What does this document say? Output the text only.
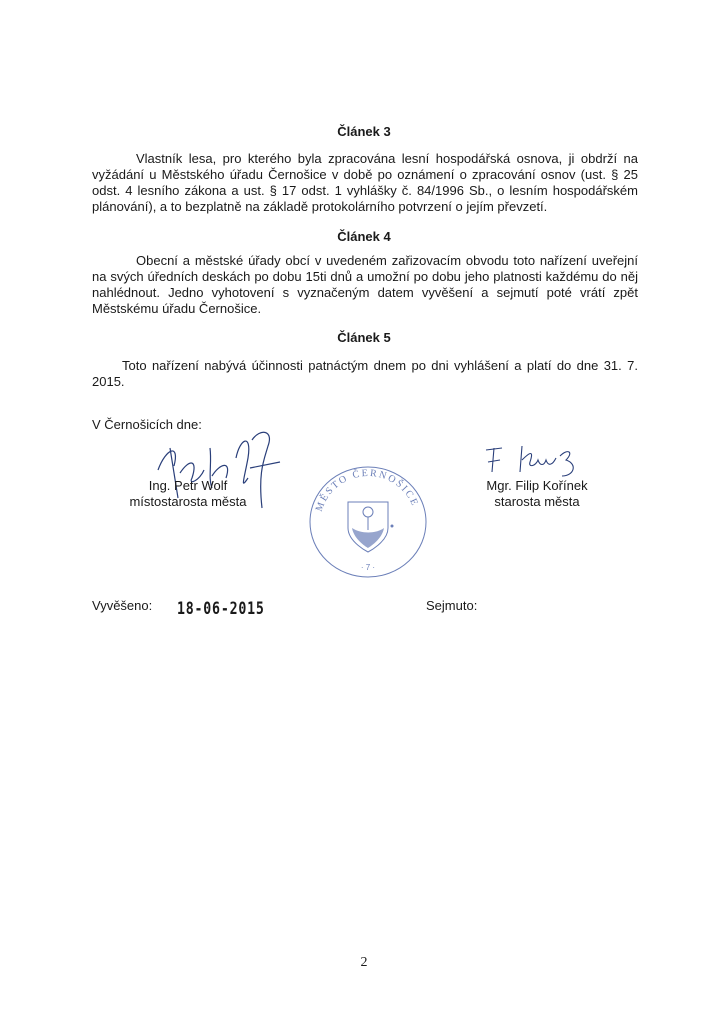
Článek 3
Vlastník lesa, pro kterého byla zpracována lesní hospodářská osnova, ji obdrží na vyžádání u Městského úřadu Černošice v době po oznámení o zpracování osnov (ust. § 25 odst. 4 lesního zákona a ust. § 17 odst. 1 vyhlášky č. 84/1996 Sb., o lesním hospodářském plánování), a to bezplatně na základě protokolárního potvrzení o jejím převzetí.
Článek 4
Obecní a městské úřady obcí v uvedeném zařizovacím obvodu toto nařízení uveřejní na svých úředních deskách po dobu 15ti dnů a umožní po dobu jeho platnosti každému do něj nahlédnout. Jedno vyhotovení s vyznačeným datem vyvěšení a sejmutí poté vrátí zpět Městskému úřadu Černošice.
Článek 5
Toto nařízení nabývá účinnosti patnáctým dnem po dni vyhlášení a platí do dne 31. 7. 2015.
V Černošicích dne:
Ing. Petr Wolf
místostarosta města	MĚSTO ČERNOŠICE
· 7 ·
Mgr. Filip Kořínek
starosta města
Vyvěšeno: 18-06-2015	Sejmuto:
2
